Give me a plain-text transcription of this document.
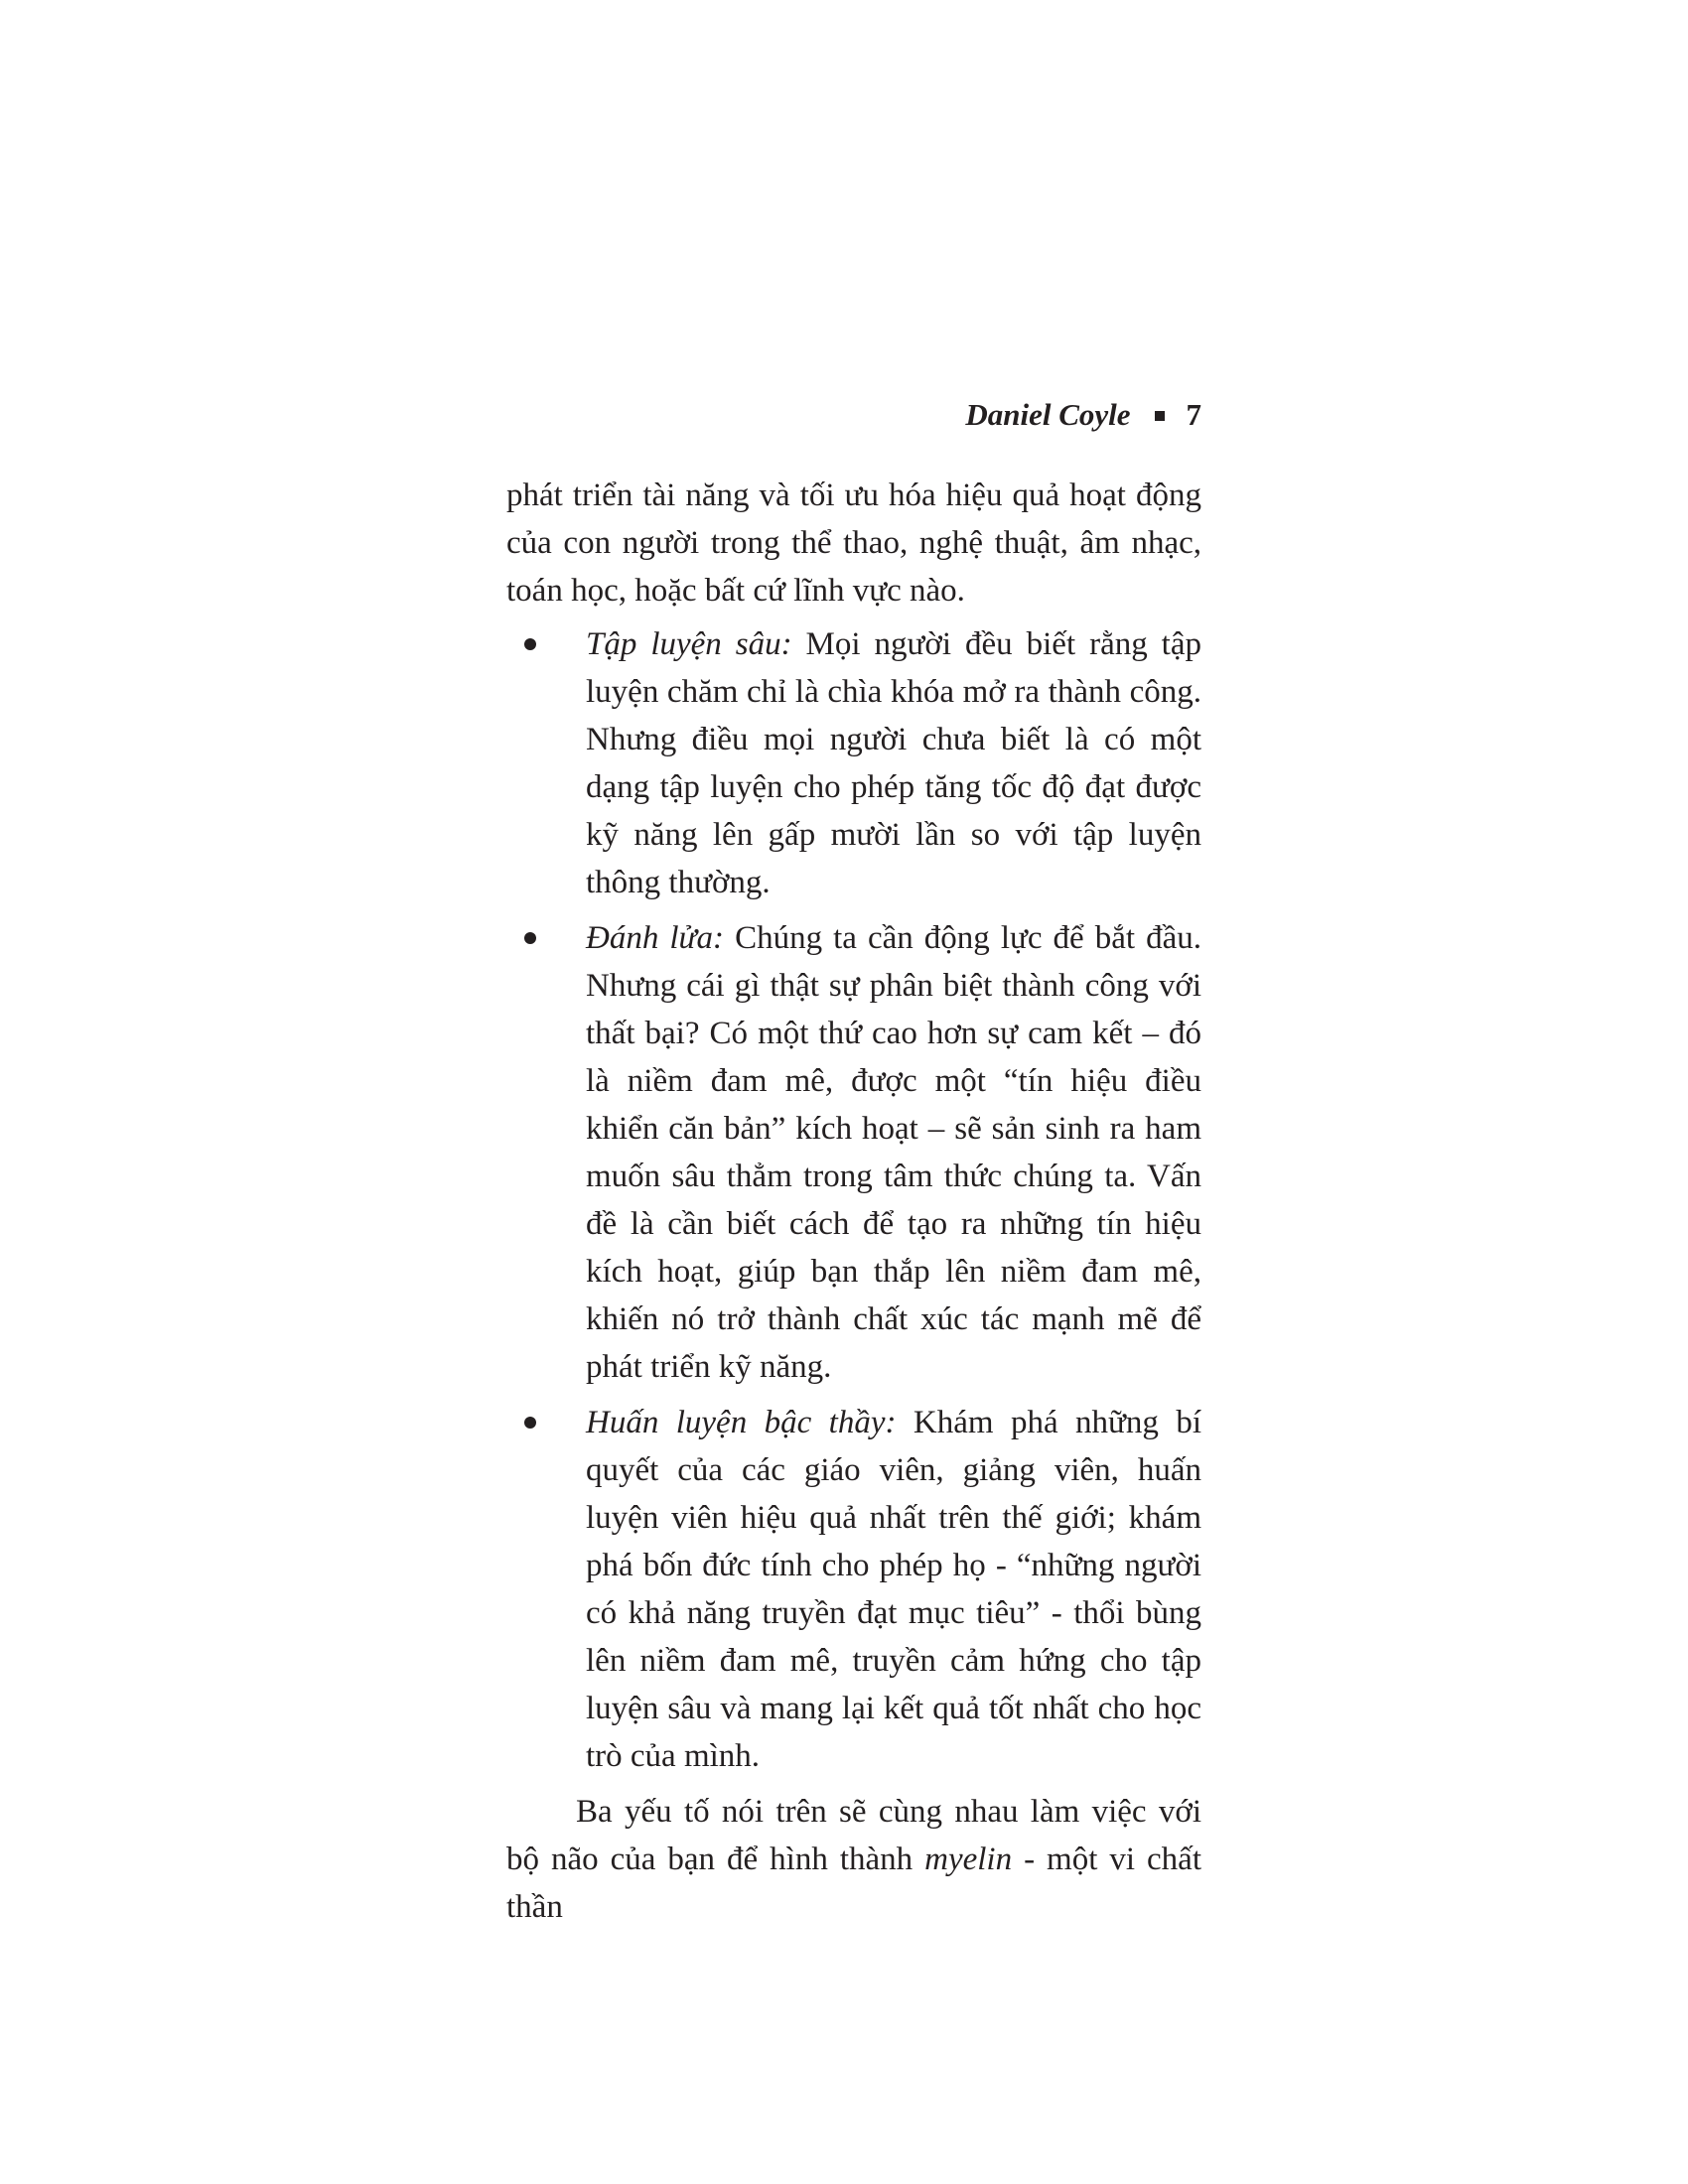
Daniel Coyle 7

phát triển tài năng và tối ưu hóa hiệu quả hoạt động của con người trong thể thao, nghệ thuật, âm nhạc, toán học, hoặc bất cứ lĩnh vực nào.

Tập luyện sâu: Mọi người đều biết rằng tập luyện chăm chỉ là chìa khóa mở ra thành công. Nhưng điều mọi người chưa biết là có một dạng tập luyện cho phép tăng tốc độ đạt được kỹ năng lên gấp mười lần so với tập luyện thông thường.
Đánh lửa: Chúng ta cần động lực để bắt đầu. Nhưng cái gì thật sự phân biệt thành công với thất bại? Có một thứ cao hơn sự cam kết – đó là niềm đam mê, được một “tín hiệu điều khiển căn bản” kích hoạt – sẽ sản sinh ra ham muốn sâu thẳm trong tâm thức chúng ta. Vấn đề là cần biết cách để tạo ra những tín hiệu kích hoạt, giúp bạn thắp lên niềm đam mê, khiến nó trở thành chất xúc tác mạnh mẽ để phát triển kỹ năng.
Huấn luyện bậc thầy: Khám phá những bí quyết của các giáo viên, giảng viên, huấn luyện viên hiệu quả nhất trên thế giới; khám phá bốn đức tính cho phép họ - “những người có khả năng truyền đạt mục tiêu” - thổi bùng lên niềm đam mê, truyền cảm hứng cho tập luyện sâu và mang lại kết quả tốt nhất cho học trò của mình.

Ba yếu tố nói trên sẽ cùng nhau làm việc với bộ não của bạn để hình thành myelin - một vi chất thần
